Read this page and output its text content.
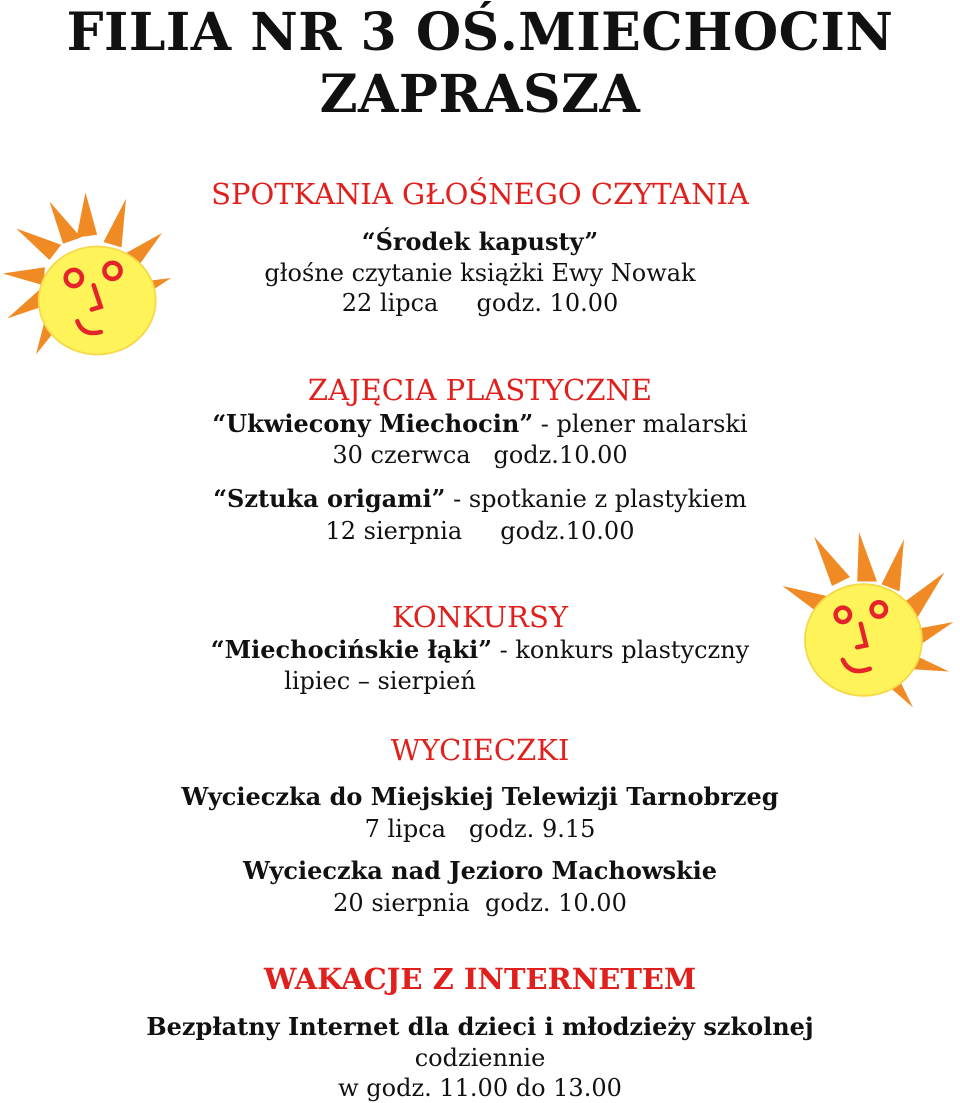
FILIA NR 3 OŚ.MIECHOCIN
ZAPRASZA
SPOTKANIA GŁOŚNEGO CZYTANIA
“Środek kapusty”
głośne czytanie książki Ewy Nowak
22 lipca     godz. 10.00
ZAJĘCIA PLASTYCZNE
“Ukwiecony Miechocin” - plener malarski
30 czerwca   godz.10.00
“Sztuka origami” - spotkanie z plastykiem
12 sierpnia     godz.10.00
KONKURSY
“Miechocińskie łąki” - konkurs plastyczny
lipiec – sierpień
WYCIECZKI
Wycieczka do Miejskiej Telewizji Tarnobrzeg
7 lipca   godz. 9.15
Wycieczka nad Jezioro Machowskie
20 sierpnia  godz. 10.00
WAKACJE Z INTERNETEM
Bezpłatny Internet dla dzieci i młodzieży szkolnej
codziennie
w godz. 11.00 do 13.00
